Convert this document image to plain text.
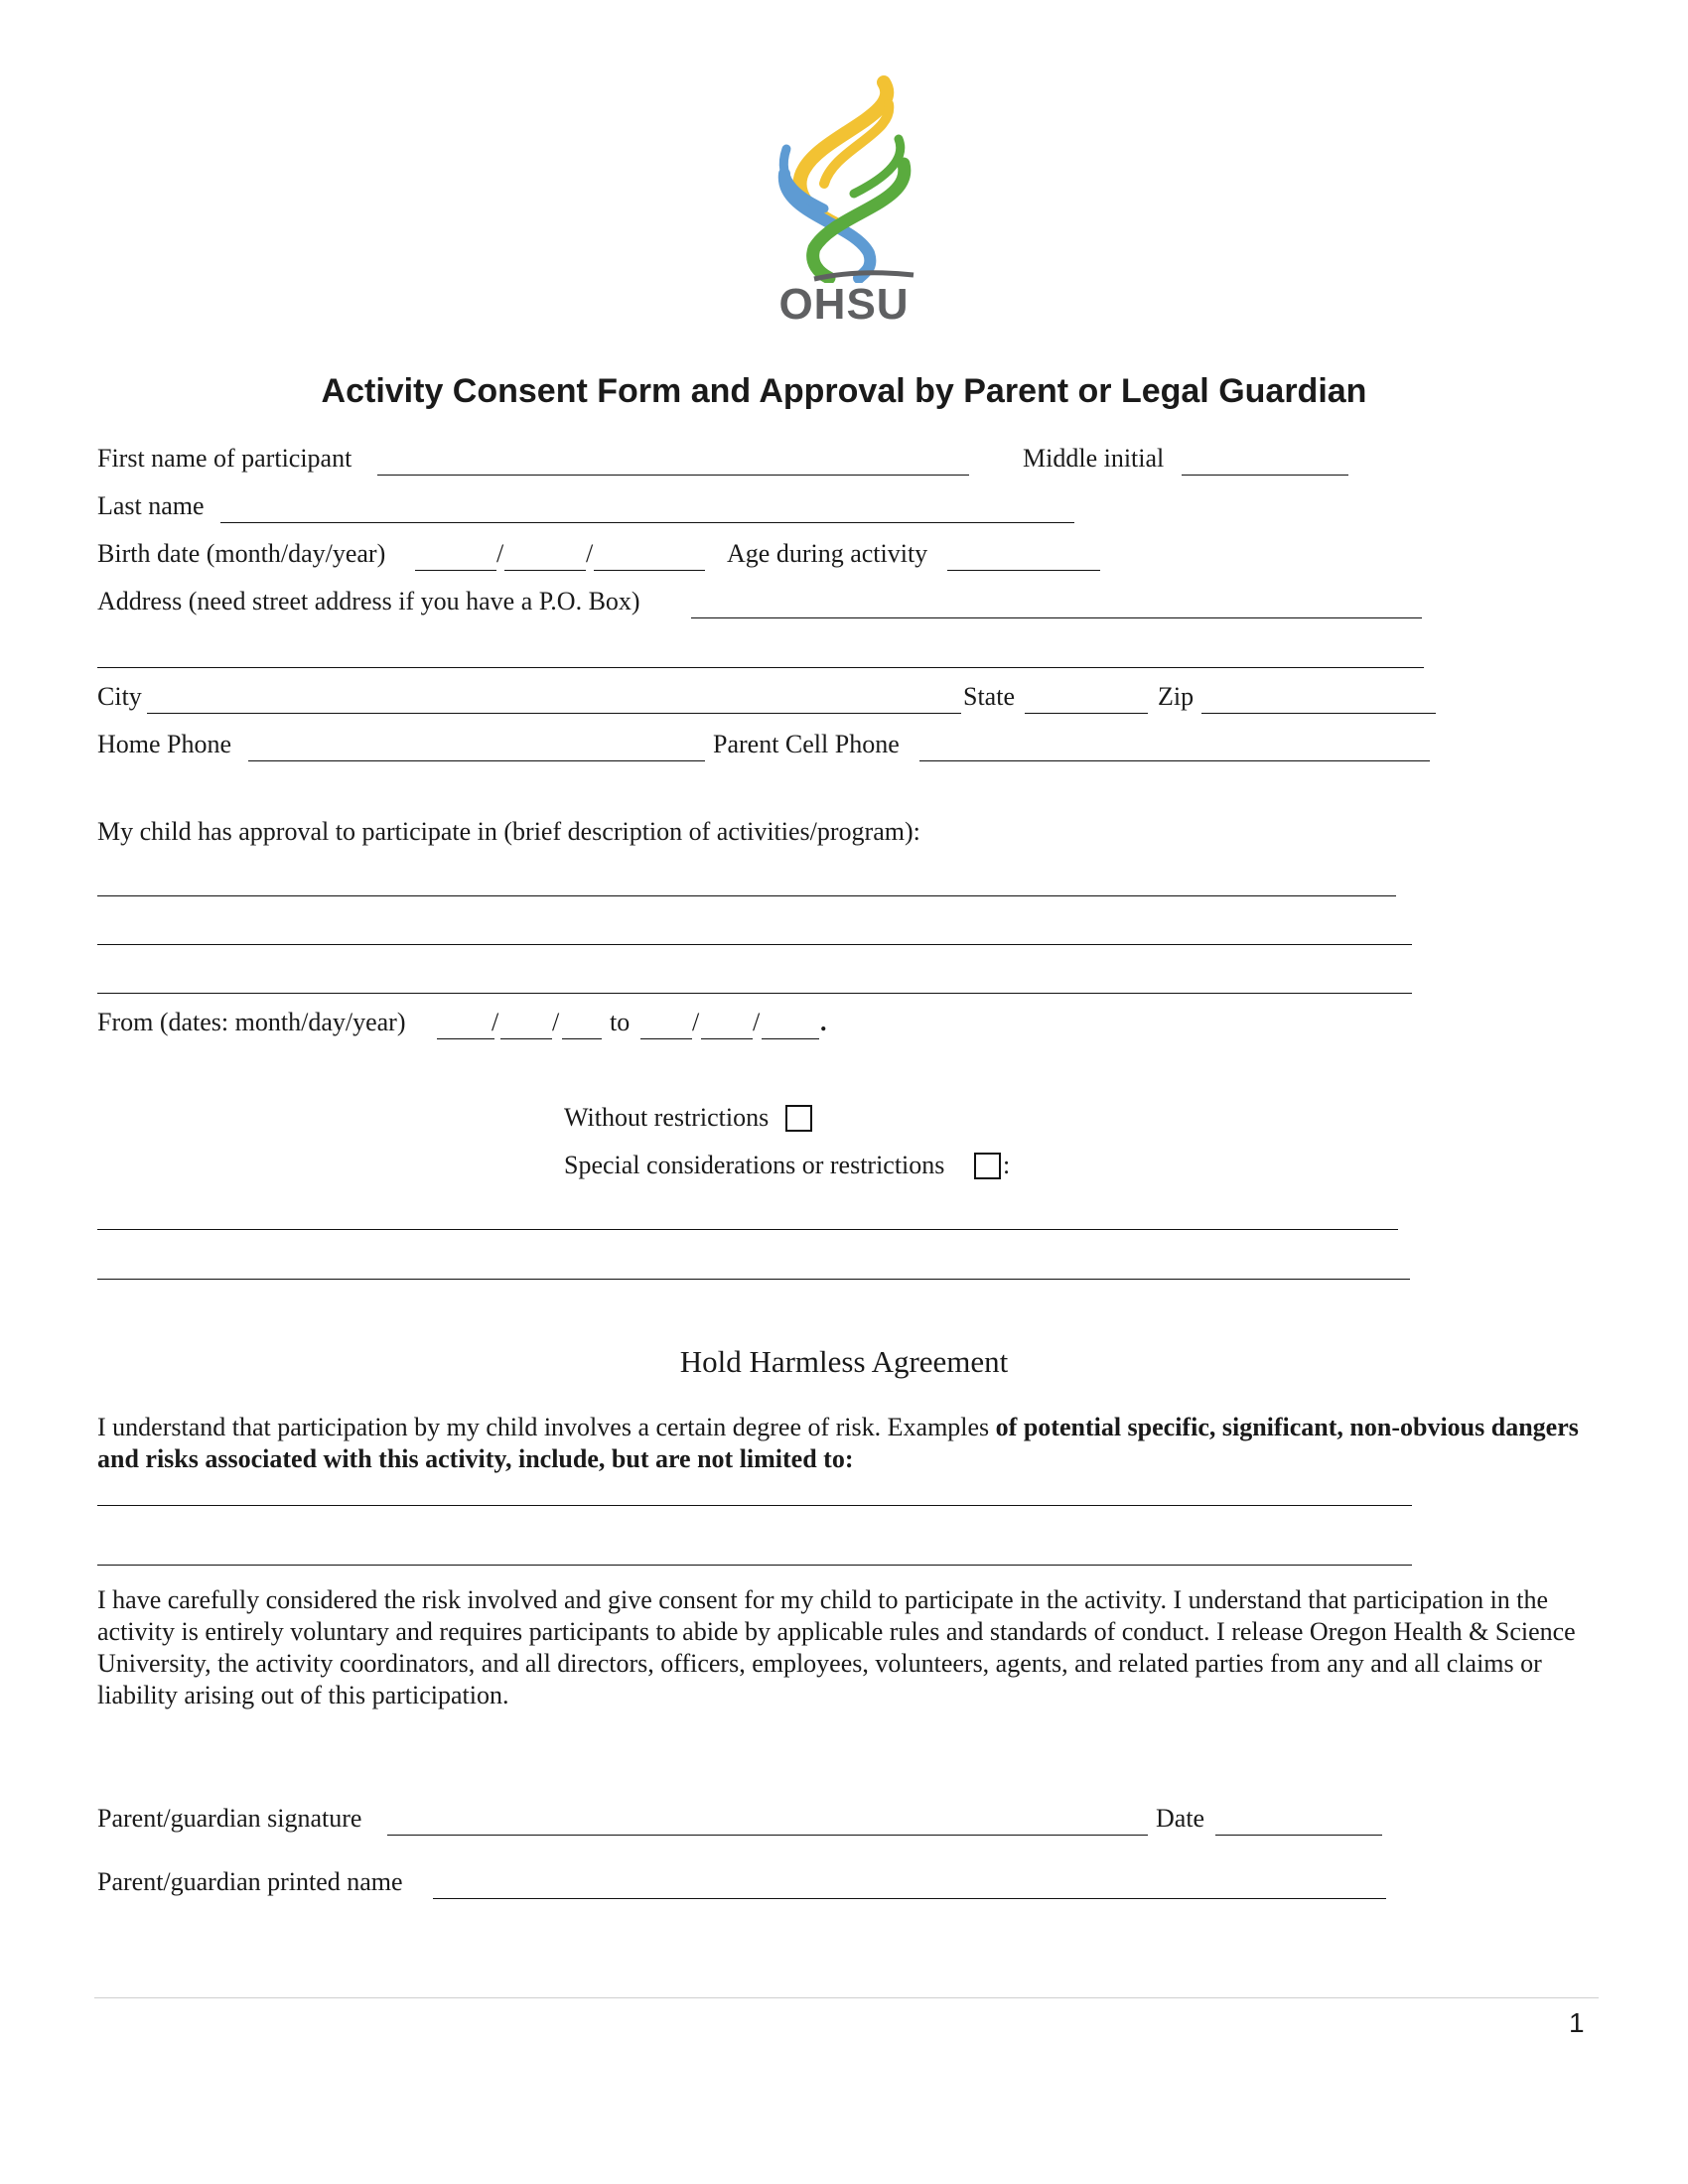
OHSU
Activity Consent Form and Approval by Parent or Legal Guardian
First name of participant	Middle initial
Last name
Birth date (month/day/year)	/	/	Age during activity
Address (need street address if you have a P.O. Box)
City	State	Zip
Home Phone	Parent Cell Phone
My child has approval to participate in (brief description of activities/program):
From (dates: month/day/year)	/ / to / / .
Without restrictions
Special considerations or restrictions :
Hold Harmless Agreement
I understand that participation by my child involves a certain degree of risk. Examples of potential specific, significant, non-obvious dangers and risks associated with this activity, include, but are not limited to:
I have carefully considered the risk involved and give consent for my child to participate in the activity. I understand that participation in the activity is entirely voluntary and requires participants to abide by applicable rules and standards of conduct. I release Oregon Health & Science University, the activity coordinators, and all directors, officers, employees, volunteers, agents, and related parties from any and all claims or liability arising out of this participation.
Parent/guardian signature	Date
Parent/guardian printed name
1
